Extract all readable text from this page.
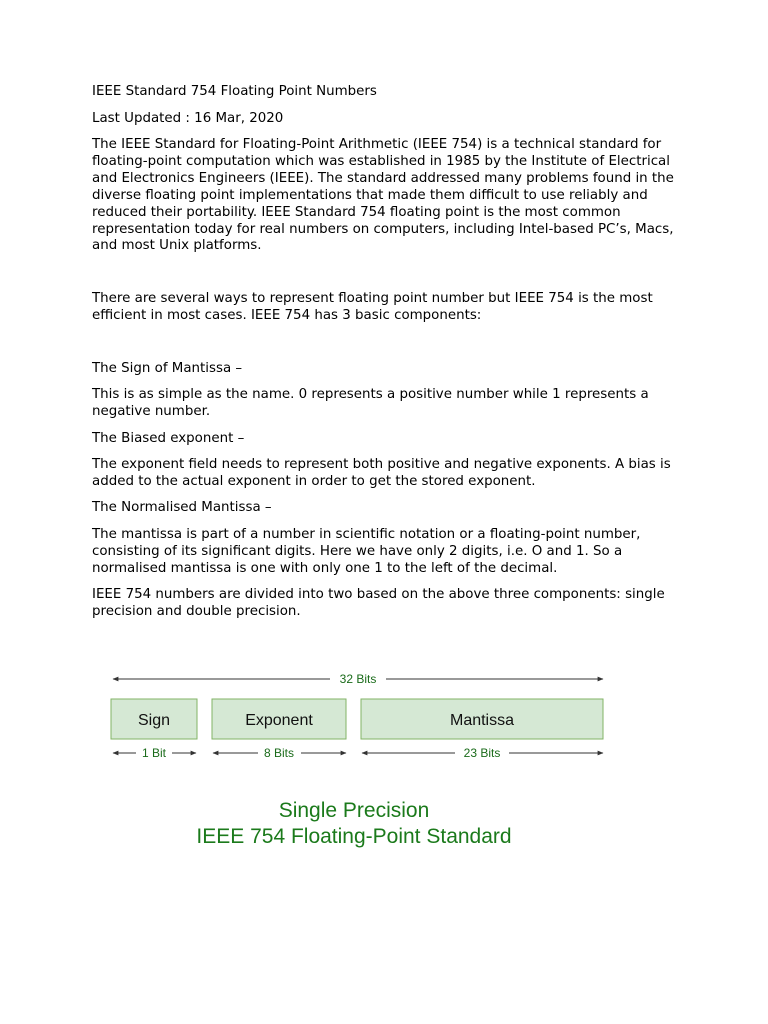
IEEE Standard 754 Floating Point Numbers

Last Updated : 16 Mar, 2020

The IEEE Standard for Floating-Point Arithmetic (IEEE 754) is a technical standard for floating-point computation which was established in 1985 by the Institute of Electrical and Electronics Engineers (IEEE). The standard addressed many problems found in the diverse floating point implementations that made them difficult to use reliably and reduced their portability. IEEE Standard 754 floating point is the most common representation today for real numbers on computers, including Intel-based PC’s, Macs, and most Unix platforms.

There are several ways to represent floating point number but IEEE 754 is the most efficient in most cases. IEEE 754 has 3 basic components:

The Sign of Mantissa –

This is as simple as the name. 0 represents a positive number while 1 represents a negative number.

The Biased exponent –

The exponent field needs to represent both positive and negative exponents. A bias is added to the actual exponent in order to get the stored exponent.

The Normalised Mantissa –

The mantissa is part of a number in scientific notation or a floating-point number, consisting of its significant digits. Here we have only 2 digits, i.e. O and 1. So a normalised mantissa is one with only one 1 to the left of the decimal.

IEEE 754 numbers are divided into two based on the above three components: single precision and double precision.

32 Bits
Sign	Exponent	Mantissa
1 Bit	8 Bits	23 Bits
Single Precision
IEEE 754 Floating-Point Standard
